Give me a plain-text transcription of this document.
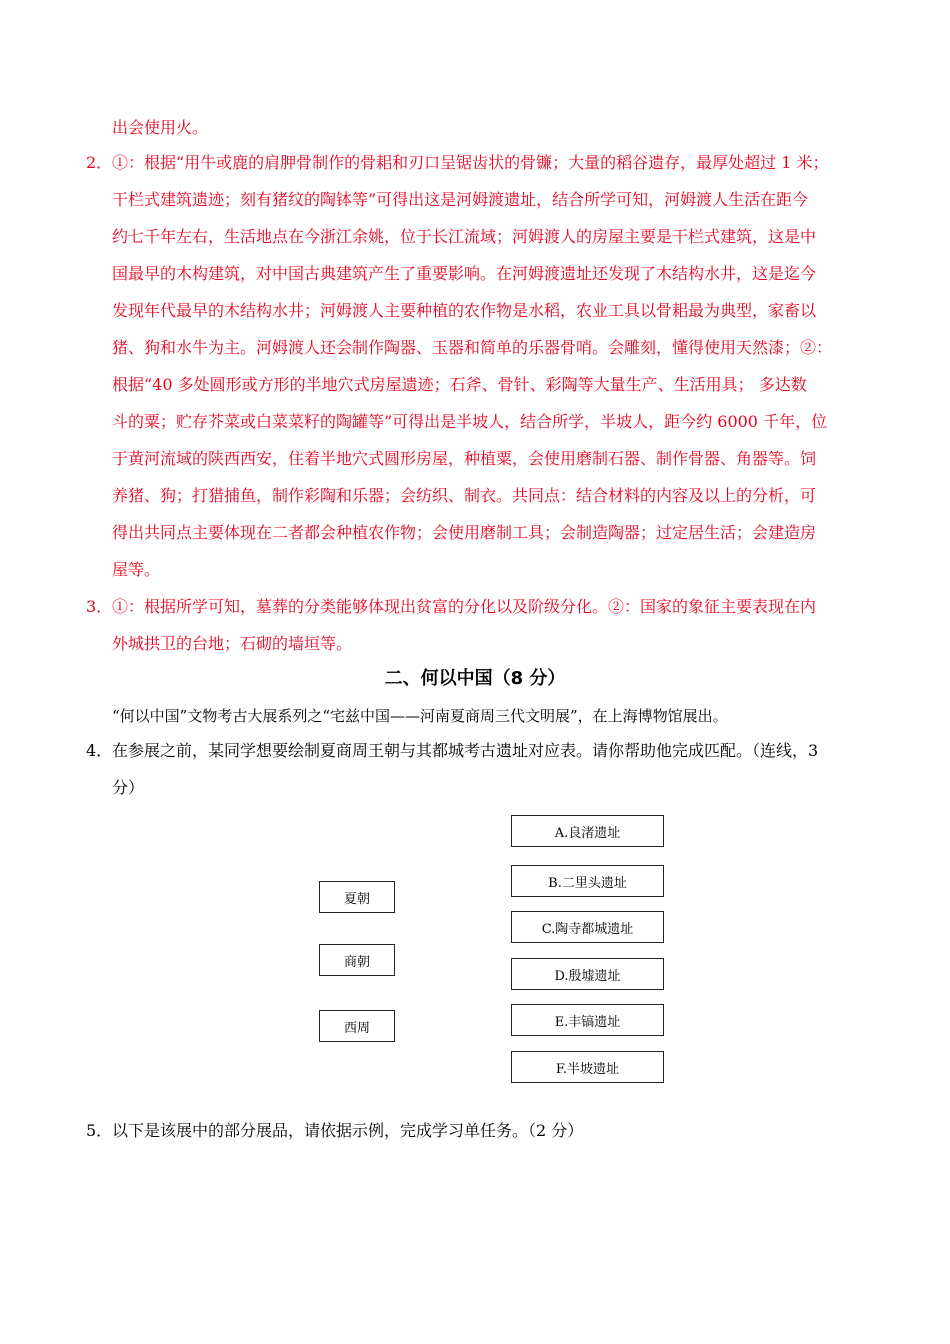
出会使用火。
2． ①：根据“用牛或鹿的肩胛骨制作的骨耜和刃口呈锯齿状的骨镰；大量的稻谷遗存，最厚处超过 1 米；
干栏式建筑遗迹；刻有猪纹的陶钵等”可得出这是河姆渡遗址，结合所学可知，河姆渡人生活在距今
约七千年左右，生活地点在今浙江余姚，位于长江流域；河姆渡人的房屋主要是干栏式建筑，这是中
国最早的木构建筑，对中国古典建筑产生了重要影响。在河姆渡遗址还发现了木结构水井，这是迄今
发现年代最早的木结构水井；河姆渡人主要种植的农作物是水稻，农业工具以骨耜最为典型，家畜以
猪、狗和水牛为主。河姆渡人还会制作陶器、玉器和简单的乐器骨哨。会雕刻，懂得使用天然漆；②：
根据“40 多处圆形或方形的半地穴式房屋遗迹；石斧、骨针、彩陶等大量生产、生活用具； 多达数
斗的粟；贮存芥菜或白菜菜籽的陶罐等”可得出是半坡人，结合所学，半坡人，距今约 6000 千年，位
于黄河流域的陕西西安，住着半地穴式圆形房屋，种植粟，会使用磨制石器、制作骨器、角器等。饲
养猪、狗；打猎捕鱼，制作彩陶和乐器；会纺织、制衣。共同点：结合材料的内容及以上的分析，可
得出共同点主要体现在二者都会种植农作物；会使用磨制工具；会制造陶器；过定居生活；会建造房
屋等。
3． ①：根据所学可知，墓葬的分类能够体现出贫富的分化以及阶级分化。②：国家的象征主要表现在内
外城拱卫的台地；石砌的墙垣等。
二、何以中国（8 分）
“何以中国”文物考古大展系列之“宅兹中国——河南夏商周三代文明展”，在上海博物馆展出。
4． 在参展之前，某同学想要绘制夏商周王朝与其都城考古遗址对应表。请你帮助他完成匹配。（连线，3
分）
夏朝
商朝
西周
A.良渚遗址
B.二里头遗址
C.陶寺都城遗址
D.殷墟遗址
E.丰镐遗址
F.半坡遗址
5． 以下是该展中的部分展品，请依据示例，完成学习单任务。（2 分）
